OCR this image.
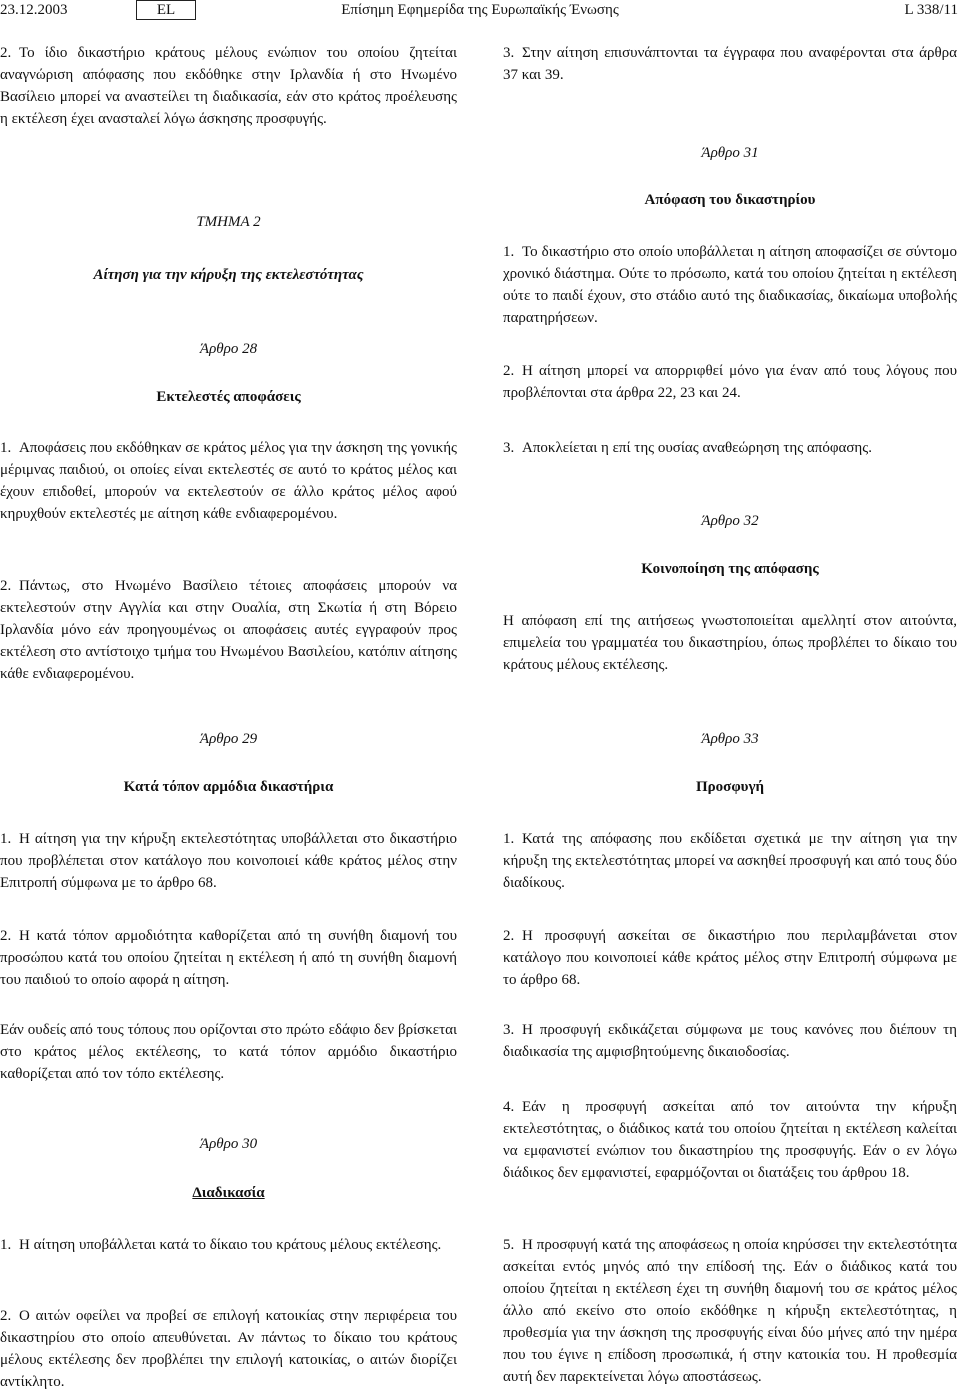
23.12.2003	EL	Επίσημη Εφημερίδα της Ευρωπαϊκής Ένωσης	L 338/11

2. Το ίδιο δικαστήριο κράτους μέλους ενώπιον του οποίου ζητείται αναγνώριση απόφασης που εκδόθηκε στην Ιρλανδία ή στο Ηνωμένο Βασίλειο μπορεί να αναστείλει τη διαδικασία, εάν στο κράτος προέλευσης η εκτέλεση έχει ανασταλεί λόγω άσκησης προσφυγής.

ΤΜΗΜΑ 2

Αίτηση για την κήρυξη της εκτελεστότητας

Άρθρο 28

Εκτελεστές αποφάσεις

1. Αποφάσεις που εκδόθηκαν σε κράτος μέλος για την άσκηση της γονικής μέριμνας παιδιού, οι οποίες είναι εκτελεστές σε αυτό το κράτος μέλος και έχουν επιδοθεί, μπορούν να εκτελεστούν σε άλλο κράτος μέλος αφού κηρυχθούν εκτελεστές με αίτηση κάθε ενδιαφερομένου.

2. Πάντως, στο Ηνωμένο Βασίλειο τέτοιες αποφάσεις μπορούν να εκτελεστούν στην Αγγλία και στην Ουαλία, στη Σκωτία ή στη Βόρειο Ιρλανδία μόνο εάν προηγουμένως οι αποφάσεις αυτές εγγραφούν προς εκτέλεση στο αντίστοιχο τμήμα του Ηνωμένου Βασιλείου, κατόπιν αίτησης κάθε ενδιαφερομένου.

Άρθρο 29

Κατά τόπον αρμόδια δικαστήρια

1. Η αίτηση για την κήρυξη εκτελεστότητας υποβάλλεται στο δικαστήριο που προβλέπεται στον κατάλογο που κοινοποιεί κάθε κράτος μέλος στην Επιτροπή σύμφωνα με το άρθρο 68.

2. Η κατά τόπον αρμοδιότητα καθορίζεται από τη συνήθη διαμονή του προσώπου κατά του οποίου ζητείται η εκτέλεση ή από τη συνήθη διαμονή του παιδιού το οποίο αφορά η αίτηση.

Εάν ουδείς από τους τόπους που ορίζονται στο πρώτο εδάφιο δεν βρίσκεται στο κράτος μέλος εκτέλεσης, το κατά τόπον αρμόδιο δικαστήριο καθορίζεται από τον τόπο εκτέλεσης.

Άρθρο 30

Διαδικασία

1. Η αίτηση υποβάλλεται κατά το δίκαιο του κράτους μέλους εκτέλεσης.

2. Ο αιτών οφείλει να προβεί σε επιλογή κατοικίας στην περιφέρεια του δικαστηρίου στο οποίο απευθύνεται. Αν πάντως το δίκαιο του κράτους μέλους εκτέλεσης δεν προβλέπει την επιλογή κατοικίας, ο αιτών διορίζει αντίκλητο.

3. Στην αίτηση επισυνάπτονται τα έγγραφα που αναφέρονται στα άρθρα 37 και 39.

Άρθρο 31

Απόφαση του δικαστηρίου

1. Το δικαστήριο στο οποίο υποβάλλεται η αίτηση αποφασίζει σε σύντομο χρονικό διάστημα. Ούτε το πρόσωπο, κατά του οποίου ζητείται η εκτέλεση ούτε το παιδί έχουν, στο στάδιο αυτό της διαδικασίας, δικαίωμα υποβολής παρατηρήσεων.

2. Η αίτηση μπορεί να απορριφθεί μόνο για έναν από τους λόγους που προβλέπονται στα άρθρα 22, 23 και 24.

3. Αποκλείεται η επί της ουσίας αναθεώρηση της απόφασης.

Άρθρο 32

Κοινοποίηση της απόφασης

Η απόφαση επί της αιτήσεως γνωστοποιείται αμελλητί στον αιτούντα, επιμελεία του γραμματέα του δικαστηρίου, όπως προβλέπει το δίκαιο του κράτους μέλους εκτέλεσης.

Άρθρο 33

Προσφυγή

1. Κατά της απόφασης που εκδίδεται σχετικά με την αίτηση για την κήρυξη της εκτελεστότητας μπορεί να ασκηθεί προσφυγή και από τους δύο διαδίκους.

2. Η προσφυγή ασκείται σε δικαστήριο που περιλαμβάνεται στον κατάλογο που κοινοποιεί κάθε κράτος μέλος στην Επιτροπή σύμφωνα με το άρθρο 68.

3. Η προσφυγή εκδικάζεται σύμφωνα με τους κανόνες που διέπουν τη διαδικασία της αμφισβητούμενης δικαιοδοσίας.

4. Εάν η προσφυγή ασκείται από τον αιτούντα την κήρυξη εκτελεστότητας, ο διάδικος κατά του οποίου ζητείται η εκτέλεση καλείται να εμφανιστεί ενώπιον του δικαστηρίου της προσφυγής. Εάν ο εν λόγω διάδικος δεν εμφανιστεί, εφαρμόζονται οι διατάξεις του άρθρου 18.

5. Η προσφυγή κατά της αποφάσεως η οποία κηρύσσει την εκτελεστότητα ασκείται εντός μηνός από την επίδοσή της. Εάν ο διάδικος κατά του οποίου ζητείται η εκτέλεση έχει τη συνήθη διαμονή του σε κράτος μέλος άλλο από εκείνο στο οποίο εκδόθηκε η κήρυξη εκτελεστότητας, η προθεσμία για την άσκηση της προσφυγής είναι δύο μήνες από την ημέρα που του έγινε η επίδοση προσωπικά, ή στην κατοικία του. Η προθεσμία αυτή δεν παρεκτείνεται λόγω αποστάσεως.
